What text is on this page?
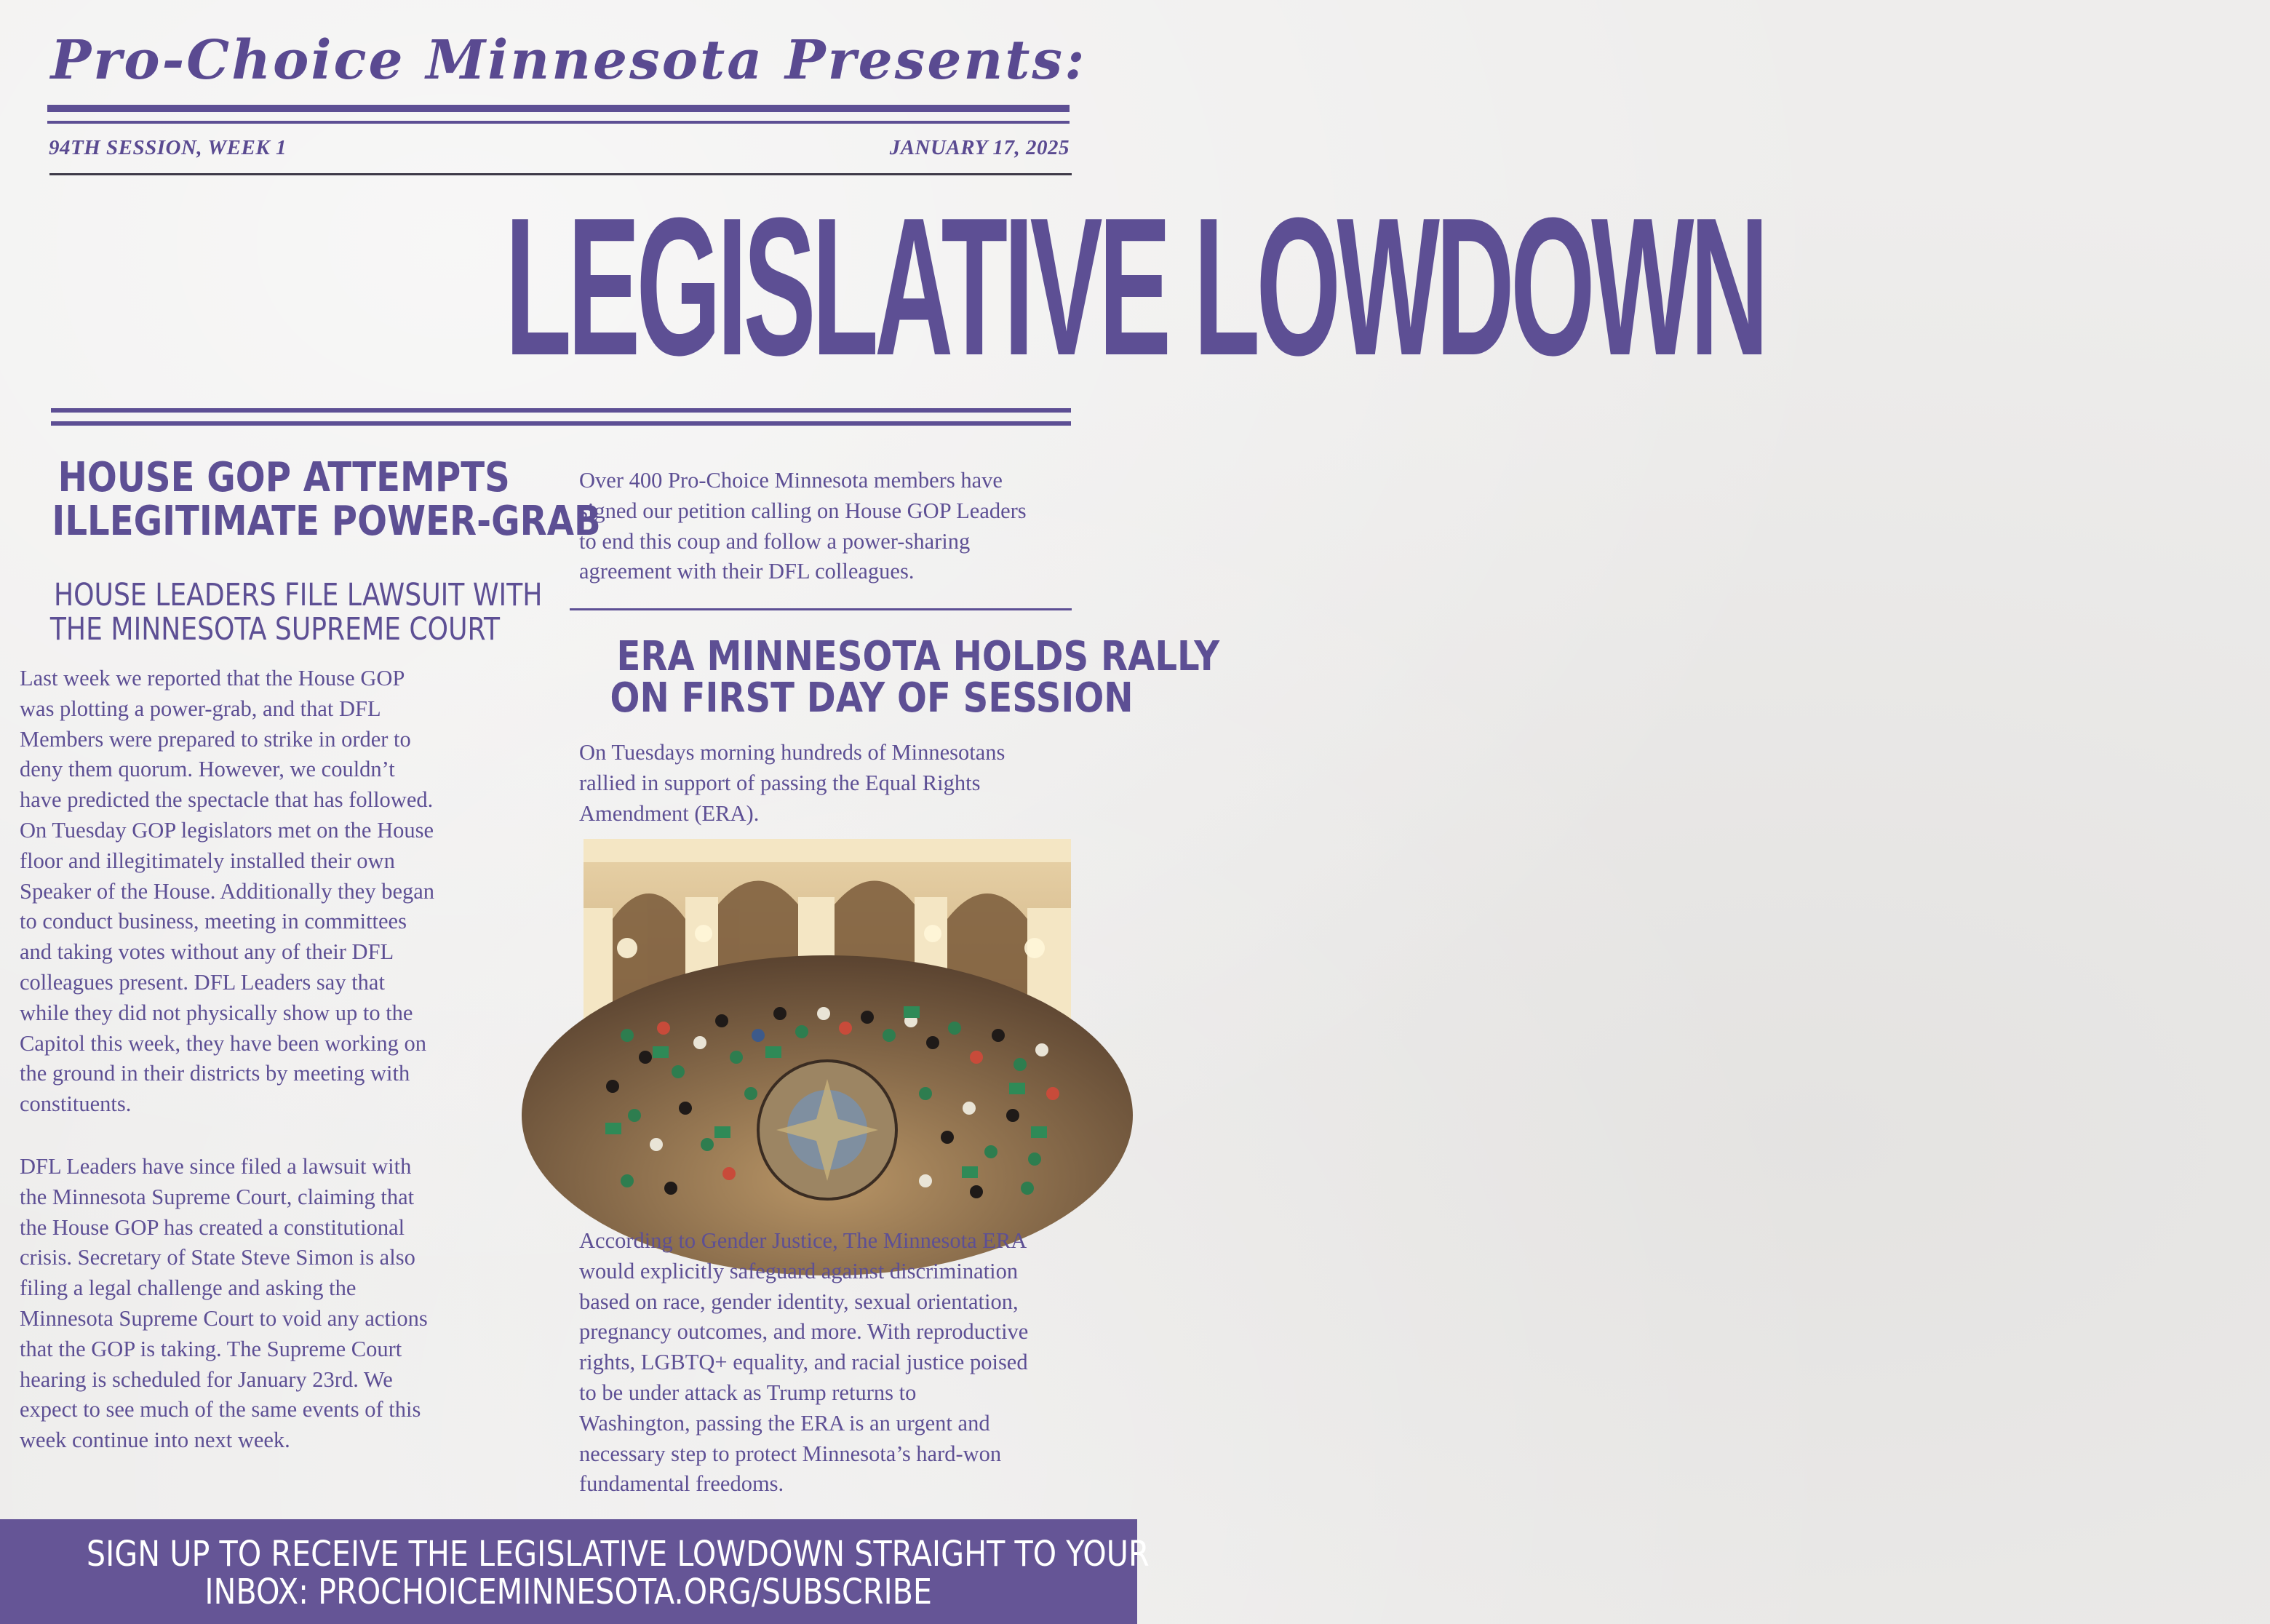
Pro-Choice Minnesota Presents:
94TH SESSION, WEEK 1	JANUARY 17, 2025
LEGISLATIVE LOWDOWN
HOUSE GOP ATTEMPTS
ILLEGITIMATE POWER-GRAB
HOUSE LEADERS FILE LAWSUIT WITH
THE MINNESOTA SUPREME COURT

Last week we reported that the House GOP
was plotting a power-grab, and that DFL
Members were prepared to strike in order to
deny them quorum. However, we couldn’t
have predicted the spectacle that has followed.
On Tuesday GOP legislators met on the House
floor and illegitimately installed their own
Speaker of the House. Additionally they began
to conduct business, meeting in committees
and taking votes without any of their DFL
colleagues present. DFL Leaders say that
while they did not physically show up to the
Capitol this week, they have been working on
the ground in their districts by meeting with
constituents.

DFL Leaders have since filed a lawsuit with
the Minnesota Supreme Court, claiming that
the House GOP has created a constitutional
crisis. Secretary of State Steve Simon is also
filing a legal challenge and asking the
Minnesota Supreme Court to void any actions
that the GOP is taking. The Supreme Court
hearing is scheduled for January 23rd. We
expect to see much of the same events of this
week continue into next week.

Over 400 Pro-Choice Minnesota members have
signed our petition calling on House GOP Leaders
to end this coup and follow a power-sharing
agreement with their DFL colleagues.

ERA MINNESOTA HOLDS RALLY
ON FIRST DAY OF SESSION

On Tuesdays morning hundreds of Minnesotans
rallied in support of passing the Equal Rights
Amendment (ERA).

According to Gender Justice, The Minnesota ERA
would explicitly safeguard against discrimination
based on race, gender identity, sexual orientation,
pregnancy outcomes, and more. With reproductive
rights, LGBTQ+ equality, and racial justice poised
to be under attack as Trump returns to
Washington, passing the ERA is an urgent and
necessary step to protect Minnesota’s hard-won
fundamental freedoms.

SIGN UP TO RECEIVE THE LEGISLATIVE LOWDOWN STRAIGHT TO YOUR
INBOX: PROCHOICEMINNESOTA.ORG/SUBSCRIBE
